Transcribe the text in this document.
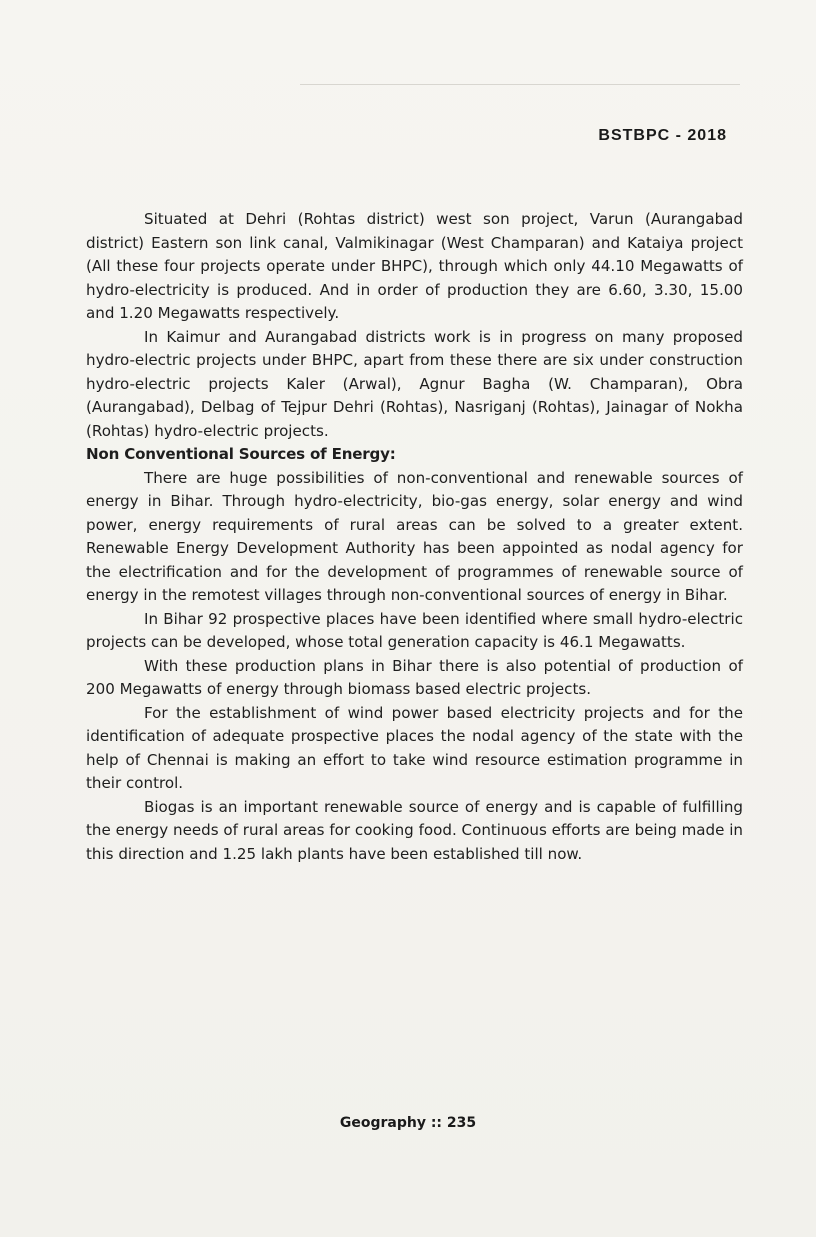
BSTBPC - 2018

Situated at Dehri (Rohtas district) west son project, Varun (Aurangabad district) Eastern son link canal, Valmikinagar (West Champaran) and Kataiya project (All these four projects operate under BHPC), through which only 44.10 Megawatts of hydro-electricity is produced. And in order of production they are 6.60, 3.30, 15.00 and 1.20 Megawatts respectively.

In Kaimur and Aurangabad districts work is in progress on many proposed hydro-electric projects under BHPC, apart from these there are six under construction hydro-electric projects Kaler (Arwal), Agnur Bagha (W. Champaran), Obra (Aurangabad), Delbag of Tejpur Dehri (Rohtas), Nasriganj (Rohtas), Jainagar of Nokha (Rohtas) hydro-electric projects.

Non Conventional Sources of Energy:

There are huge possibilities of non-conventional and renewable sources of energy in Bihar. Through hydro-electricity, bio-gas energy, solar energy and wind power, energy requirements of rural areas can be solved to a greater extent. Renewable Energy Development Authority has been appointed as nodal agency for the electrification and for the development of programmes of renewable source of energy in the remotest villages through non-conventional sources of energy in Bihar.

In Bihar 92 prospective places have been identified where small hydro-electric projects can be developed, whose total generation capacity is 46.1 Megawatts.

With these production plans in Bihar there is also potential of production of 200 Megawatts of energy through biomass based electric projects.

For the establishment of wind power based electricity projects and for the identification of adequate prospective places the nodal agency of the state with the help of Chennai is making an effort to take wind resource estimation programme in their control.

Biogas is an important renewable source of energy and is capable of fulfilling the energy needs of rural areas for cooking food. Continuous efforts are being made in this direction and 1.25 lakh plants have been established till now.

Geography :: 235
